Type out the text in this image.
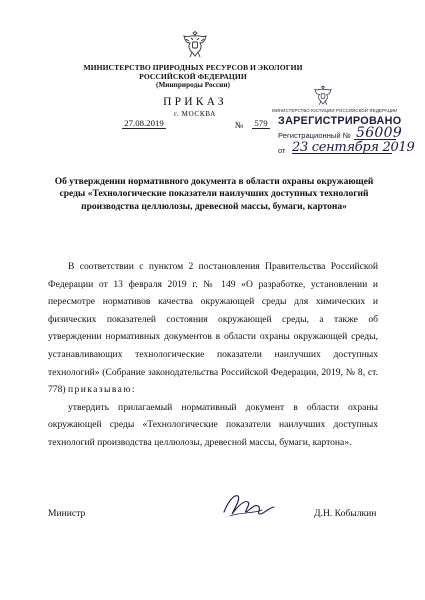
МИНИСТЕРСТВО ПРИРОДНЫХ РЕСУРСОВ И ЭКОЛОГИИ
РОССИЙСКОЙ ФЕДЕРАЦИИ
(Минприроды России)
ПРИКАЗ
г. МОСКВА
27.08.2019	№ 579
МИНИСТЕРСТВО ЮСТИЦИИ РОССИЙСКОЙ ФЕДЕРАЦИИ
ЗАРЕГИСТРИРОВАНО
Регистрационный № 56009
от 23 сентября 2019
Об утверждении нормативного документа в области охраны окружающей
среды «Технологические показатели наилучших доступных технологий
производства целлюлозы, древесной массы, бумаги, картона»

В соответствии с пунктом 2 постановления Правительства Российской Федерации от 13 февраля 2019 г. № 149 «О разработке, установлении и пересмотре нормативов качества окружающей среды для химических и физических показателей состояния окружающей среды, а также об утверждении нормативных документов в области охраны окружающей среды, устанавливающих технологические показатели наилучших доступных технологий» (Собрание законодательства Российской Федерации, 2019, № 8, ст. 778) приказываю:

утвердить прилагаемый нормативный документ в области охраны окружающей среды «Технологические показатели наилучших доступных технологий производства целлюлозы, древесной массы, бумаги, картона».

Министр	Д.Н. Кобылкин
